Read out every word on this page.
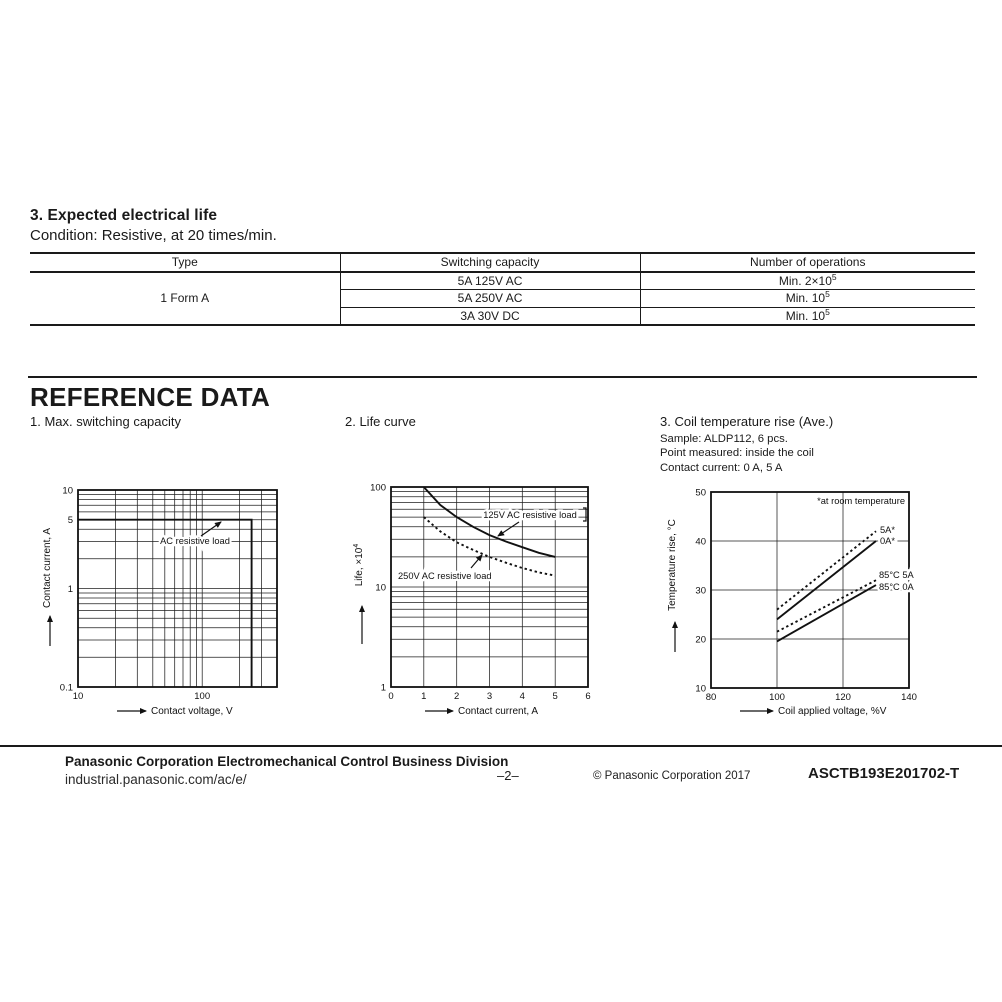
3. Expected electrical life
Condition: Resistive, at 20 times/min.
Type	Switching capacity	Number of operations
1 Form A	5A 125V AC	Min. $2\times 10^5$
	5A 250V AC	Min. $10^5$
	3A 30V DC	Min. $10^5$
REFERENCE DATA
1. Max. switching capacity	2. Life curve	3. Coil temperature rise (Ave.)
Sample: ALDP112, 6 pcs.
Point measured: inside the coil
Contact current: 0 A, 5 A
10	100
0.1
1
5
10
AC resistive load
Contact current, A
Contact voltage, V
0	1	2	3	4	5	6
1
10
100
125V AC resistive load
250V AC resistive load
Life, $\times 10^4$
Contact current, A
80	100	120	140
10
20
30
40
50
5A*
0A*
85°C 5A
85°C 0A
*at room temperature
Temperature rise, °C
Coil applied voltage, %V
Panasonic Corporation Electromechanical Control Business Division
industrial.panasonic.com/ac/e/	–2–	© Panasonic Corporation 2017	ASCTB193E 201702-T
